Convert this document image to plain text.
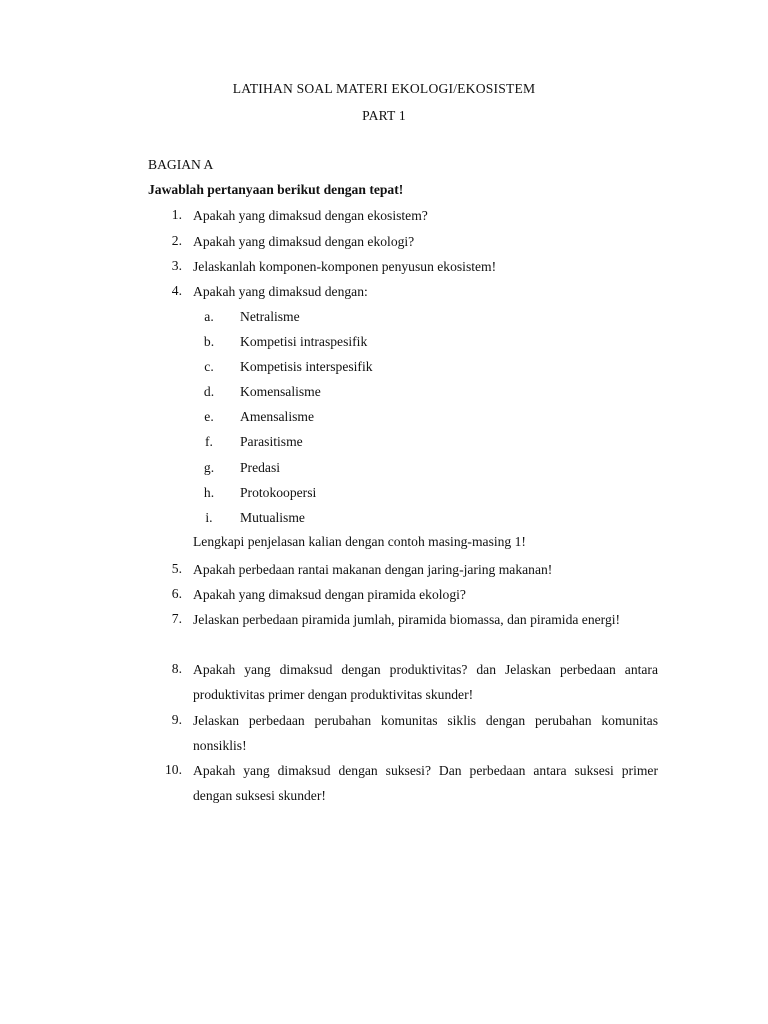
LATIHAN SOAL MATERI EKOLOGI/EKOSISTEM
PART 1
BAGIAN A
Jawablah pertanyaan berikut dengan tepat!
1. Apakah yang dimaksud dengan ekosistem?
2. Apakah yang dimaksud dengan ekologi?
3. Jelaskanlah komponen-komponen penyusun ekosistem!
4. Apakah yang dimaksud dengan:
a.	Netralisme
b. Kompetisi intraspesifik
c.	Kompetisis interspesifik
d. Komensalisme
e.	Amensalisme
f.	Parasitisme
g. Predasi
h. Protokoopersi
i.	Mutualisme
Lengkapi penjelasan kalian dengan contoh masing-masing 1!
5. Apakah perbedaan rantai makanan dengan jaring-jaring makanan!
6. Apakah yang dimaksud dengan piramida ekologi?
7. Jelaskan perbedaan piramida jumlah, piramida biomassa, dan piramida energi!
8. Apakah yang dimaksud dengan produktivitas? dan Jelaskan perbedaan antara produktivitas primer dengan produktivitas skunder!
9. Jelaskan perbedaan perubahan komunitas siklis dengan perubahan komunitas nonsiklis!
10. Apakah yang dimaksud dengan suksesi? Dan perbedaan antara suksesi primer dengan suksesi skunder!
